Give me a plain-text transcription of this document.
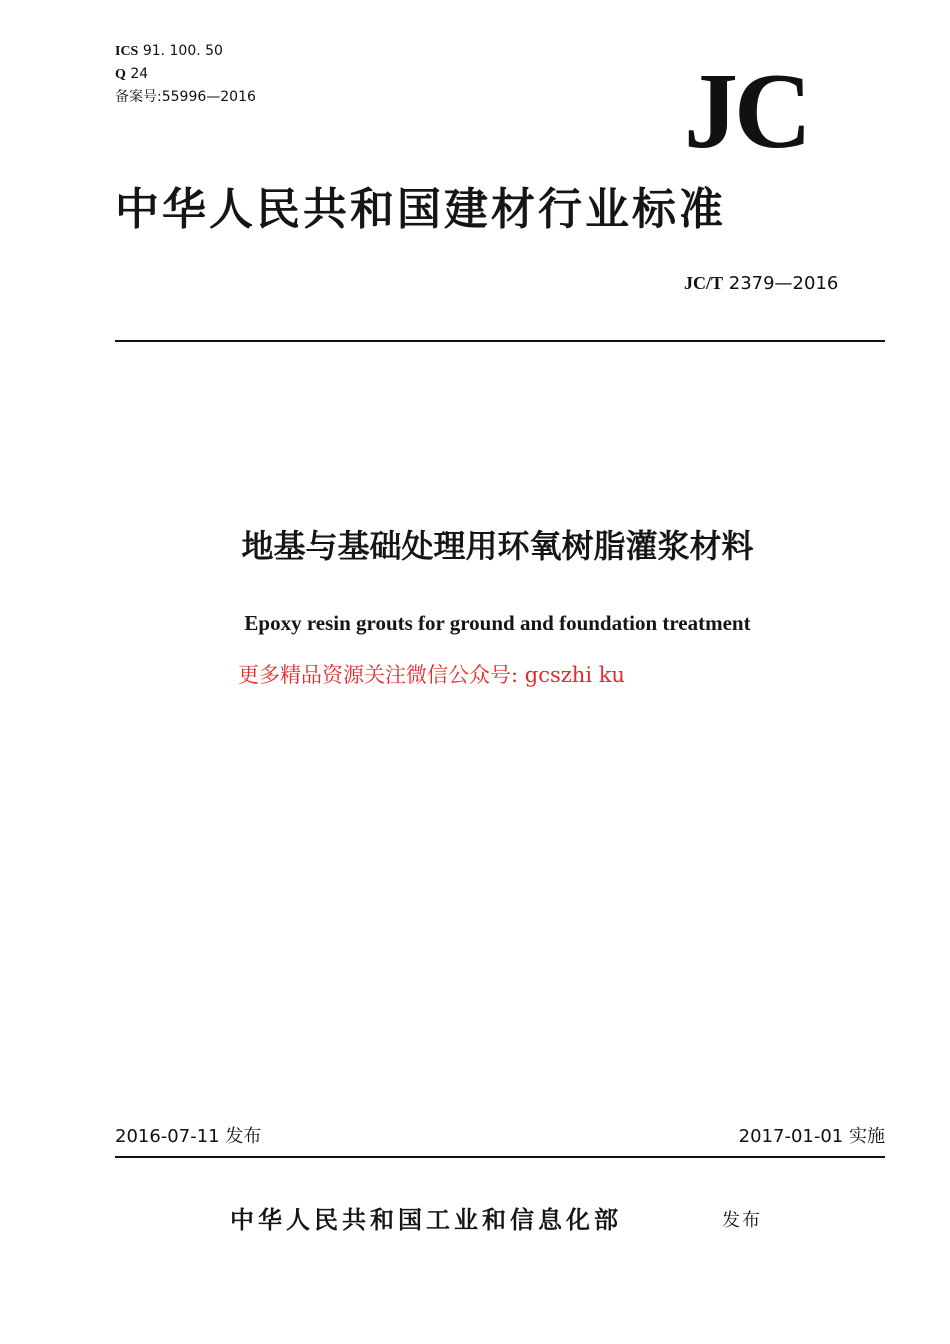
ICS 91. 100. 50
Q 24
备案号:55996—2016	JC
中华人民共和国建材行业标准
JC/T 2379—2016
地基与基础处理用环氧树脂灌浆材料
Epoxy resin grouts for ground and foundation treatment
更多精品资源关注微信公众号: gcszhi ku
2016-07-11 发布	2017-01-01 实施
中华人民共和国工业和信息化部	发布
